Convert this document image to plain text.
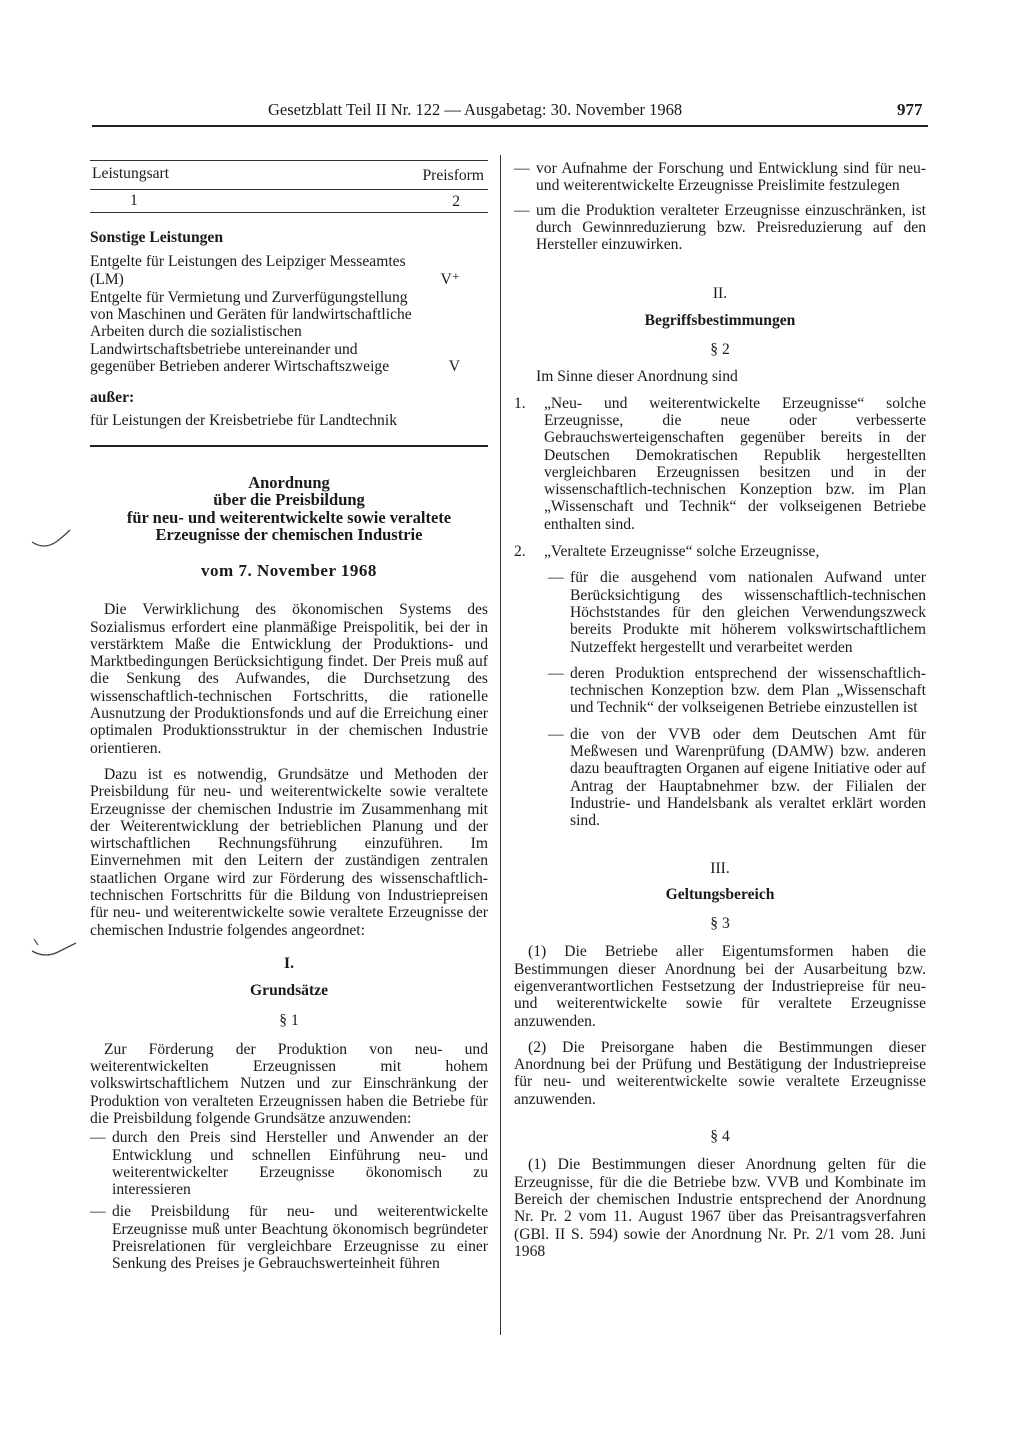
Gesetzblatt Teil II Nr. 122 — Ausgabetag: 30. November 1968	977
Leistungsart	Preisform
1	2
Sonstige Leistungen
Entgelte für Leistungen des Leipziger Messeamtes (LM)	V⁺
Entgelte für Vermietung und Zurverfügungstellung von Maschinen und Geräten für landwirtschaftliche Arbeiten durch die sozialistischen Landwirtschaftsbetriebe untereinander und gegenüber Betrieben anderer Wirtschaftszweige	V
außer:
für Leistungen der Kreisbetriebe für Landtechnik
Anordnung
über die Preisbildung
für neu- und weiterentwickelte sowie veraltete
Erzeugnisse der chemischen Industrie
vom 7. November 1968

Die Verwirklichung des ökonomischen Systems des Sozialismus erfordert eine planmäßige Preispolitik, bei der in verstärktem Maße die Entwicklung der Produktions- und Marktbedingungen Berücksichtigung findet. Der Preis muß auf die Senkung des Aufwandes, die Durchsetzung des wissenschaftlich-technischen Fortschritts, die rationelle Ausnutzung der Produktionsfonds und auf die Erreichung einer optimalen Produktionsstruktur in der chemischen Industrie orientieren.

Dazu ist es notwendig, Grundsätze und Methoden der Preisbildung für neu- und weiterentwickelte sowie veraltete Erzeugnisse der chemischen Industrie im Zusammenhang mit der Weiterentwicklung der betrieblichen Planung und der wirtschaftlichen Rechnungsführung einzuführen. Im Einvernehmen mit den Leitern der zuständigen zentralen staatlichen Organe wird zur Förderung des wissenschaftlich-technischen Fortschritts für die Bildung von Industriepreisen für neu- und weiterentwickelte sowie veraltete Erzeugnisse der chemischen Industrie folgendes angeordnet:

I.
Grundsätze
§ 1

Zur Förderung der Produktion von neu- und weiterentwickelten Erzeugnissen mit hohem volkswirtschaftlichem Nutzen und zur Einschränkung der Produktion von veralteten Erzeugnissen haben die Betriebe für die Preisbildung folgende Grundsätze anzuwenden:

— durch den Preis sind Hersteller und Anwender an der Entwicklung und schnellen Einführung neu- und weiterentwickelter Erzeugnisse ökonomisch zu interessieren
— die Preisbildung für neu- und weiterentwickelte Erzeugnisse muß unter Beachtung ökonomisch begründeter Preisrelationen für vergleichbare Erzeugnisse zu einer Senkung des Preises je Gebrauchswerteinheit führen
— vor Aufnahme der Forschung und Entwicklung sind für neu- und weiterentwickelte Erzeugnisse Preislimite festzulegen
— um die Produktion veralteter Erzeugnisse einzuschränken, ist durch Gewinnreduzierung bzw. Preisreduzierung auf den Hersteller einzuwirken.
II.
Begriffsbestimmungen
§ 2
Im Sinne dieser Anordnung sind
1.	„Neu- und weiterentwickelte Erzeugnisse“ solche Erzeugnisse, die neue oder verbesserte Gebrauchswerteigenschaften gegenüber bereits in der Deutschen Demokratischen Republik hergestellten vergleichbaren Erzeugnissen besitzen und in der wissenschaftlich-technischen Konzeption bzw. im Plan „Wissenschaft und Technik“ der volkseigenen Betriebe enthalten sind.
2.	„Veraltete Erzeugnisse“ solche Erzeugnisse,
— für die ausgehend vom nationalen Aufwand unter Berücksichtigung des wissenschaftlich-technischen Höchststandes für den gleichen Verwendungszweck bereits Produkte mit höherem volkswirtschaftlichem Nutzeffekt hergestellt und verarbeitet werden
— deren Produktion entsprechend der wissenschaftlich-technischen Konzeption bzw. dem Plan „Wissenschaft und Technik“ der volkseigenen Betriebe einzustellen ist
— die von der VVB oder dem Deutschen Amt für Meßwesen und Warenprüfung (DAMW) bzw. anderen dazu beauftragten Organen auf eigene Initiative oder auf Antrag der Hauptabnehmer bzw. der Filialen der Industrie- und Handelsbank als veraltet erklärt worden sind.
III.
Geltungsbereich
§ 3

(1) Die Betriebe aller Eigentumsformen haben die Bestimmungen dieser Anordnung bei der Ausarbeitung bzw. eigenverantwortlichen Festsetzung der Industriepreise für neu- und weiterentwickelte sowie für veraltete Erzeugnisse anzuwenden.

(2) Die Preisorgane haben die Bestimmungen dieser Anordnung bei der Prüfung und Bestätigung der Industriepreise für neu- und weiterentwickelte sowie veraltete Erzeugnisse anzuwenden.

§ 4

(1) Die Bestimmungen dieser Anordnung gelten für die Erzeugnisse, für die die Betriebe bzw. VVB und Kombinate im Bereich der chemischen Industrie entsprechend der Anordnung Nr. Pr. 2 vom 11. August 1967 über das Preisantragsverfahren (GBl. II S. 594) sowie der Anordnung Nr. Pr. 2/1 vom 28. Juni 1968
